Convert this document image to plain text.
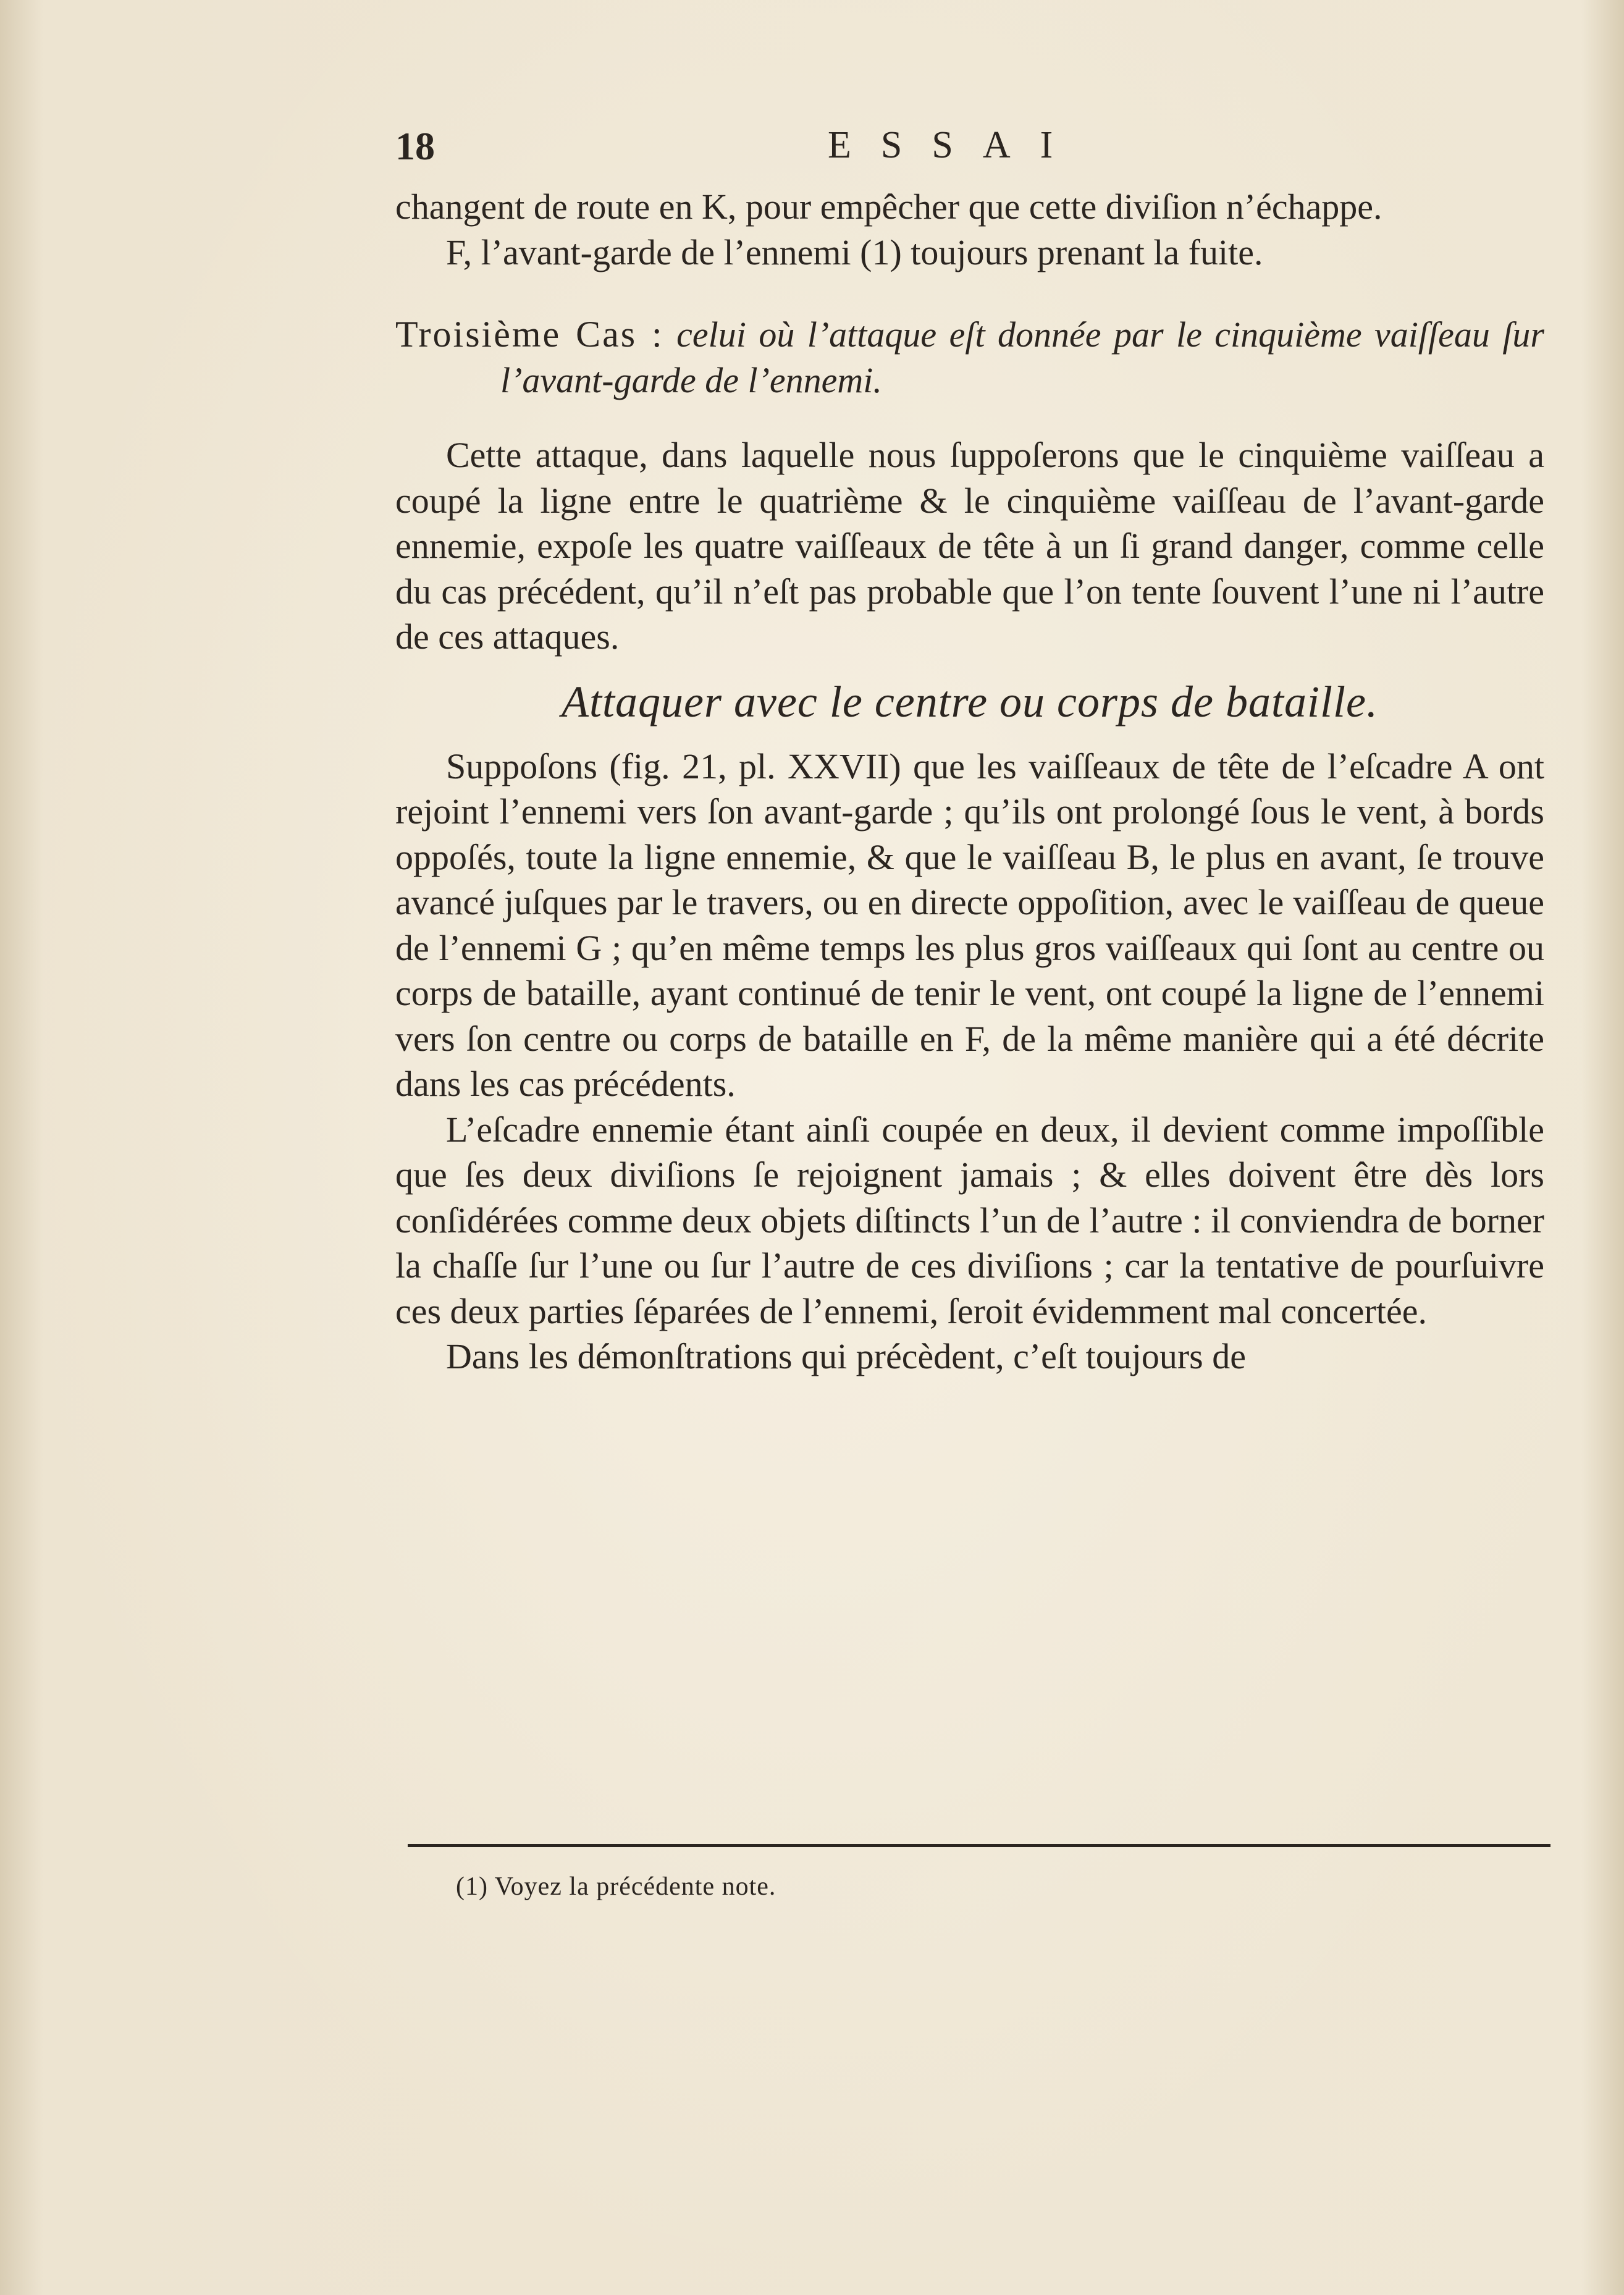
18	ESSAI

changent de route en K, pour empêcher que cette diviſion n’échappe.

F, l’avant-garde de l’ennemi (1) toujours prenant la fuite.

Troisième Cas : celui où l’attaque eſt donnée par le cinquième vaiſſeau ſur l’avant-garde de l’ennemi.

Cette attaque, dans laquelle nous ſuppoſerons que le cinquième vaiſſeau a coupé la ligne entre le quatrième & le cinquième vaiſſeau de l’avant-garde ennemie, expoſe les quatre vaiſſeaux de tête à un ſi grand danger, comme celle du cas précédent, qu’il n’eſt pas probable que l’on tente ſouvent l’une ni l’autre de ces attaques.

Attaquer avec le centre ou corps de bataille.

Suppoſons (fig. 21, pl. XXVII) que les vaiſſeaux de tête de l’eſcadre A ont rejoint l’ennemi vers ſon avant-garde ; qu’ils ont prolongé ſous le vent, à bords oppoſés, toute la ligne ennemie, & que le vaiſſeau B, le plus en avant, ſe trouve avancé juſques par le travers, ou en directe oppoſition, avec le vaiſſeau de queue de l’ennemi G ; qu’en même temps les plus gros vaiſſeaux qui ſont au centre ou corps de bataille, ayant continué de tenir le vent, ont coupé la ligne de l’ennemi vers ſon centre ou corps de bataille en F, de la même manière qui a été décrite dans les cas précédents.

L’eſcadre ennemie étant ainſi coupée en deux, il devient comme impoſſible que ſes deux diviſions ſe rejoignent jamais ; & elles doivent être dès lors conſidérées comme deux objets diſtincts l’un de l’autre : il conviendra de borner la chaſſe ſur l’une ou ſur l’autre de ces diviſions ; car la tentative de pourſuivre ces deux parties ſéparées de l’ennemi, ſeroit évidemment mal concertée.

Dans les démonſtrations qui précèdent, c’eſt toujours de

(1) Voyez la précédente note.
